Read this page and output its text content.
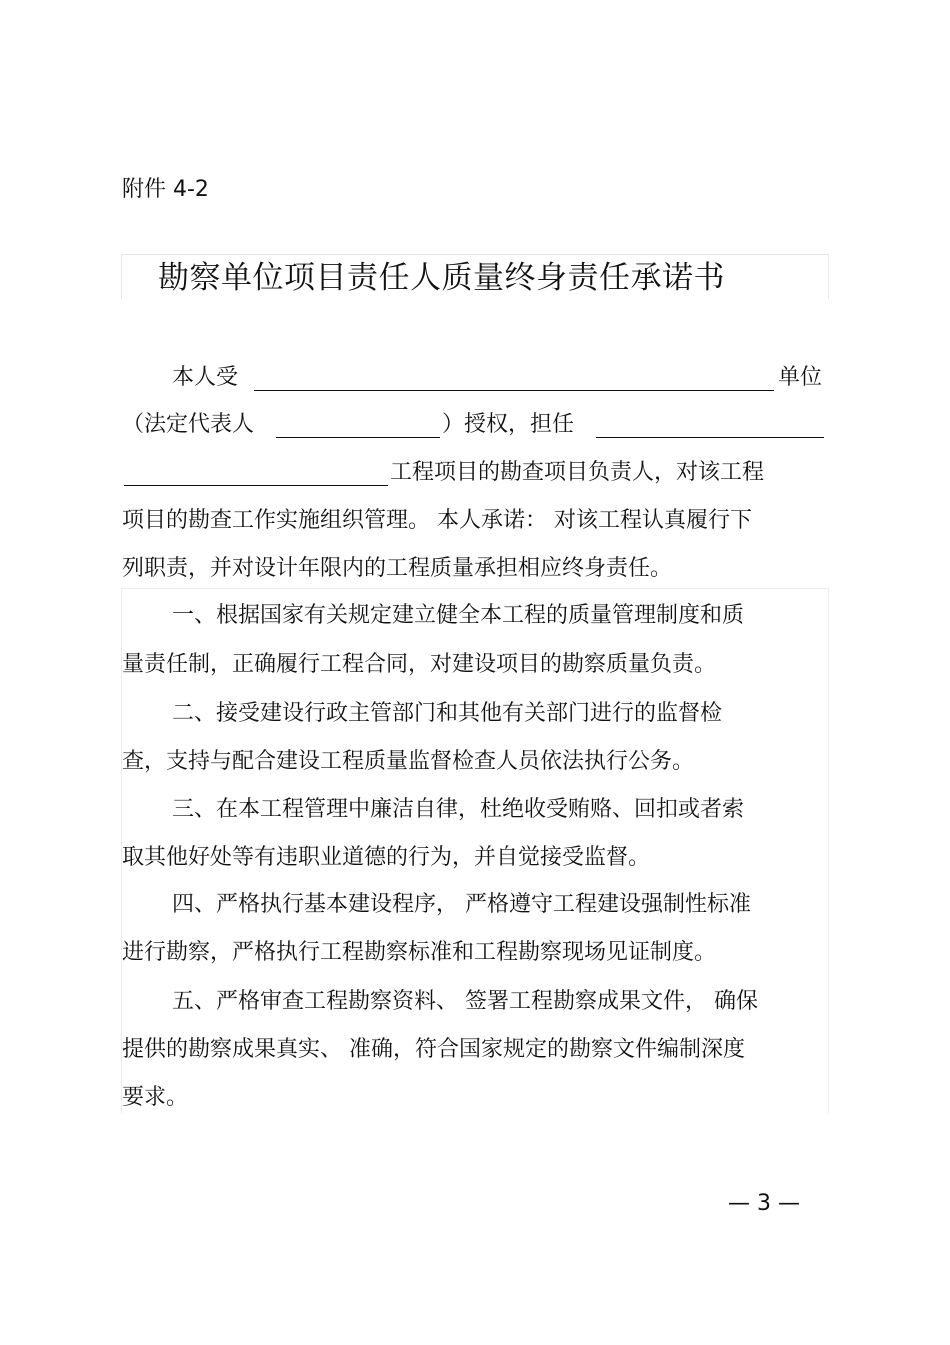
附件 4-2
勘察单位项目责任人质量终身责任承诺书
本人受	单位
（法定代表人	）授权，担任
工程项目的勘查项目负责人，对该工程
项目的勘查工作实施组织管理。 本人承诺： 对该工程认真履行下
列职责，并对设计年限内的工程质量承担相应终身责任。
一、根据国家有关规定建立健全本工程的质量管理制度和质
量责任制，正确履行工程合同，对建设项目的勘察质量负责。
二、接受建设行政主管部门和其他有关部门进行的监督检
查，支持与配合建设工程质量监督检查人员依法执行公务。
三、在本工程管理中廉洁自律，杜绝收受贿赂、回扣或者索
取其他好处等有违职业道德的行为，并自觉接受监督。
四、严格执行基本建设程序， 严格遵守工程建设强制性标准
进行勘察，严格执行工程勘察标准和工程勘察现场见证制度。
五、严格审查工程勘察资料、 签署工程勘察成果文件， 确保
提供的勘察成果真实、 准确，符合国家规定的勘察文件编制深度
要求。
— 3 —
